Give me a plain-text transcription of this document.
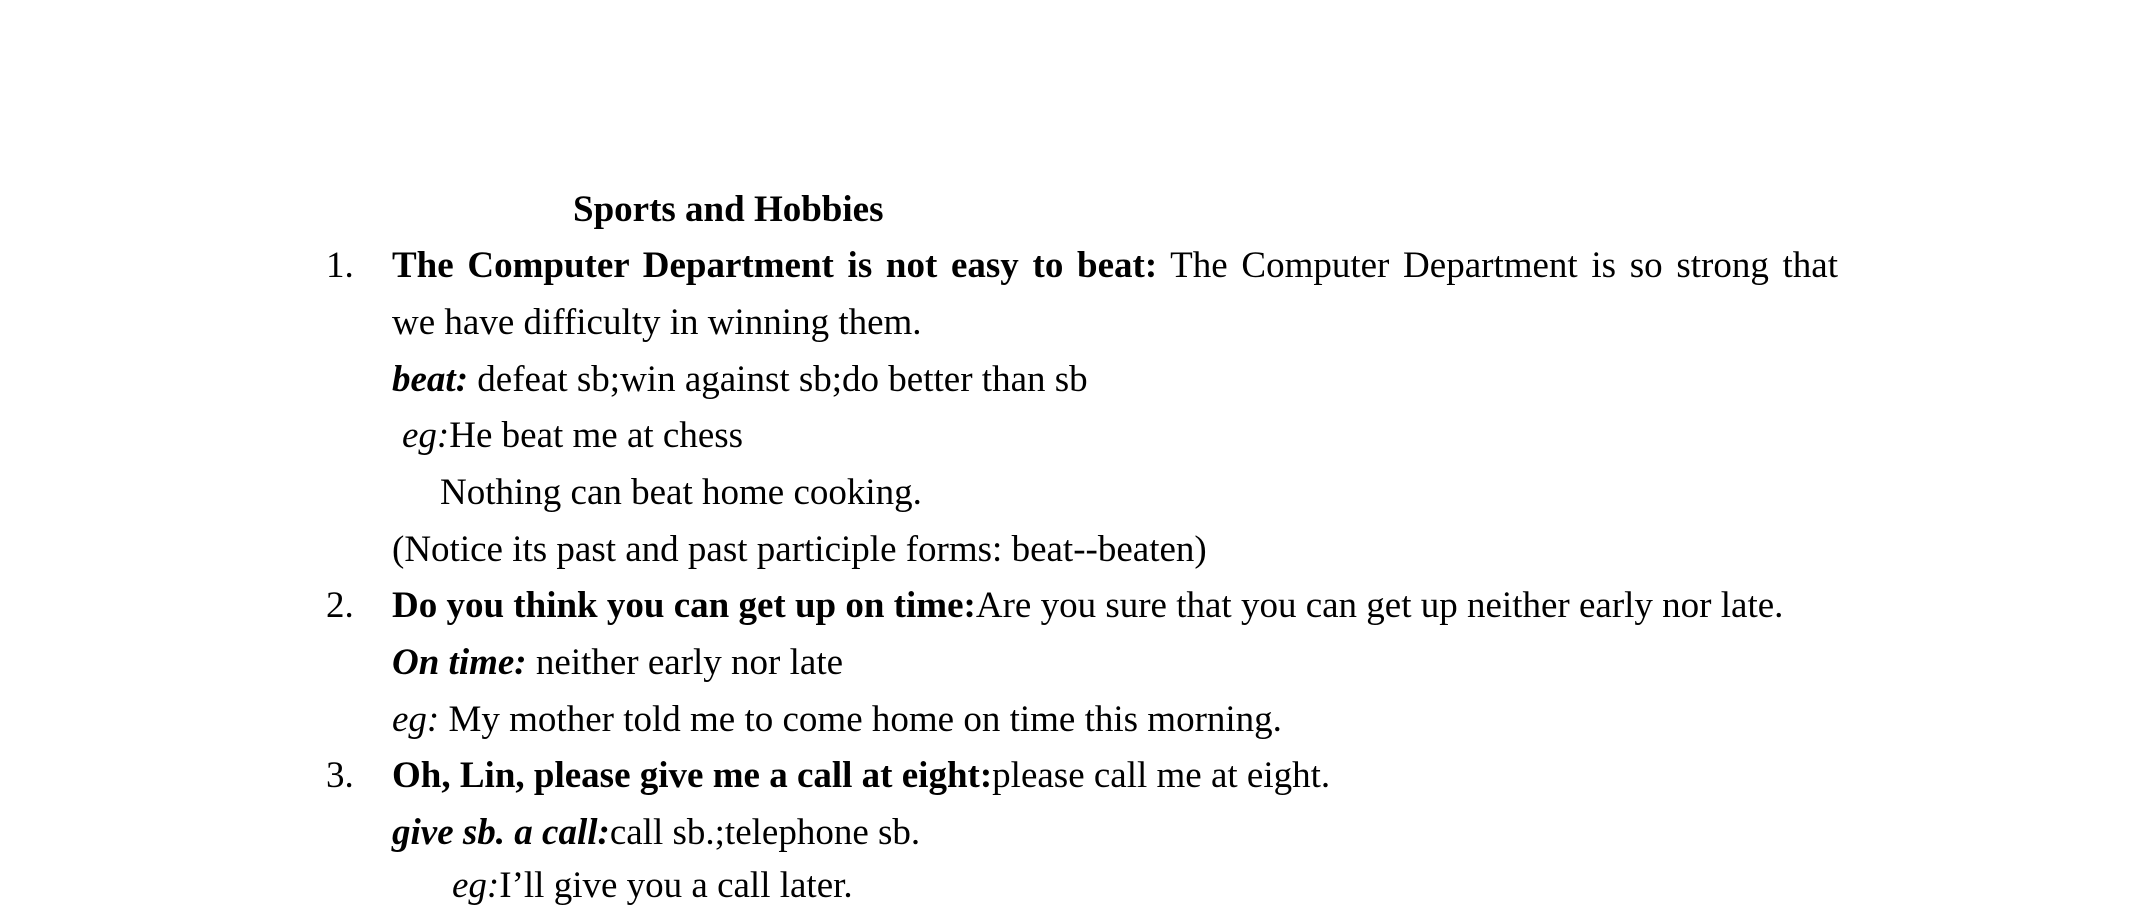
Sports and Hobbies
1. The Computer Department is not easy to beat: The Computer Department is so strong that
we have difficulty in winning them.
beat: defeat sb;win against sb;do better than sb
eg:He beat me at chess
Nothing can beat home cooking.
(Notice its past and past participle forms: beat--beaten)
2. Do you think you can get up on time:Are you sure that you can get up neither early nor late.
On time: neither early nor late
eg: My mother told me to come home on time this morning.
3. Oh, Lin, please give me a call at eight:please call me at eight.
give sb. a call:call sb.;telephone sb.
eg:I’ll give you a call later.
